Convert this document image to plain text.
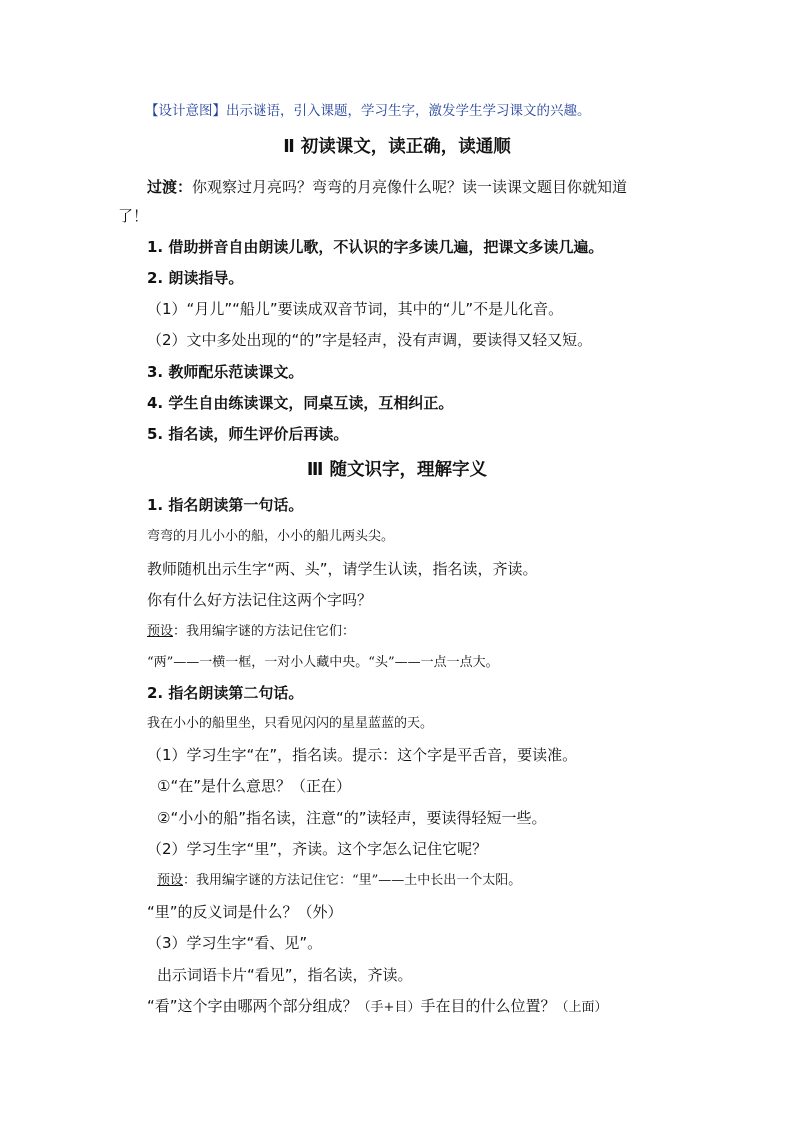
【设计意图】出示谜语，引入课题，学习生字，激发学生学习课文的兴趣。
Ⅱ 初读课文，读正确，读通顺
过渡：你观察过月亮吗？弯弯的月亮像什么呢？读一读课文题目你就知道
了！
1. 借助拼音自由朗读儿歌，不认识的字多读几遍，把课文多读几遍。
2. 朗读指导。
（1）“月儿”“船儿”要读成双音节词，其中的“儿”不是儿化音。
（2）文中多处出现的“的”字是轻声，没有声调，要读得又轻又短。
3. 教师配乐范读课文。
4. 学生自由练读课文，同桌互读，互相纠正。
5. 指名读，师生评价后再读。
Ⅲ 随文识字，理解字义
1. 指名朗读第一句话。
弯弯的月儿小小的船，小小的船儿两头尖。
教师随机出示生字“两、头”，请学生认读，指名读，齐读。
你有什么好方法记住这两个字吗？
预设：我用编字谜的方法记住它们：
“两”——一横一框，一对小人藏中央。“头”——一点一点大。
2. 指名朗读第二句话。
我在小小的船里坐，只看见闪闪的星星蓝蓝的天。
（1）学习生字“在”，指名读。提示：这个字是平舌音，要读准。
①“在”是什么意思？（正在）
②“小小的船”指名读，注意“的”读轻声，要读得轻短一些。
（2）学习生字“里”，齐读。这个字怎么记住它呢？
预设：我用编字谜的方法记住它：“里”——土中长出一个太阳。
“里”的反义词是什么？（外）
（3）学习生字“看、见”。
出示词语卡片“看见”，指名读，齐读。
“看”这个字由哪两个部分组成？（手+目）手在目的什么位置？（上面）
